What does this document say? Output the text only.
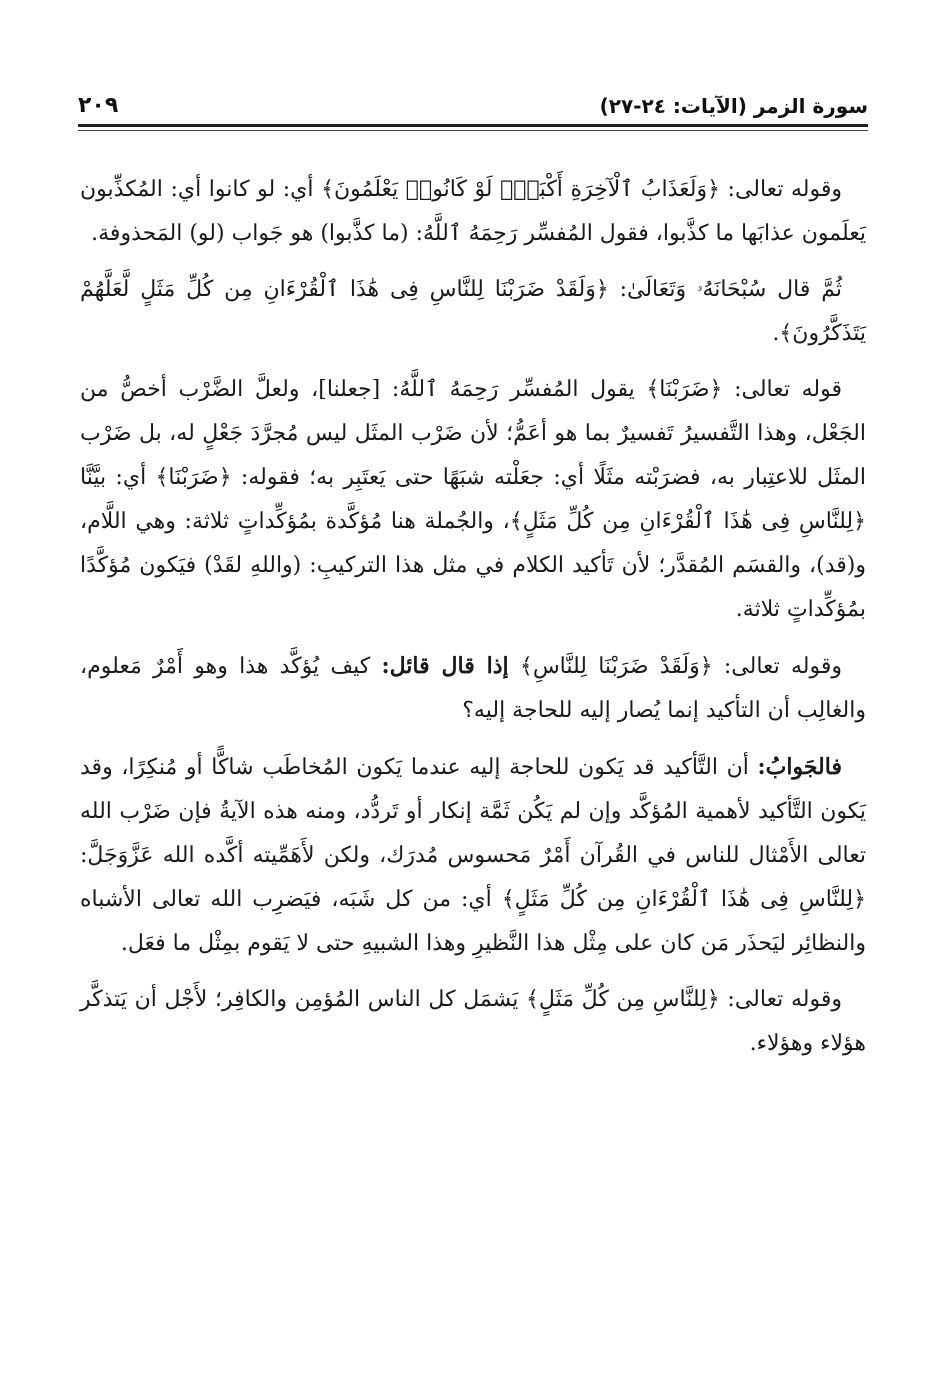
سورة الزمر (الآيات: ٢٤-٢٧)
٢٠٩

وقوله تعالى: ﴿وَلَعَذَابُ ٱلْآخِرَةِ أَكْبَرُۚ لَوْ كَانُوا۟ يَعْلَمُونَ﴾ أي: لو كانوا أي: المُكذِّبون يَعلَمون عذابَها ما كذَّبوا، فقول المُفسِّر رَحِمَهُ ٱللَّهُ: (ما كذَّبوا) هو جَواب (لو) المَحذوفة.

ثُمَّ قال سُبْحَانَهُۥ وَتَعَالَىٰ: ﴿وَلَقَدْ ضَرَبْنَا لِلنَّاسِ فِى هَٰذَا ٱلْقُرْءَانِ مِن كُلِّ مَثَلٍ لَّعَلَّهُمْ يَتَذَكَّرُونَ﴾.

قوله تعالى: ﴿ضَرَبْنَا﴾ يقول المُفسِّر رَحِمَهُ ٱللَّهُ: [جعلنا]، ولعلَّ الضَّرْب أخصُّ من الجَعْل، وهذا التَّفسيرُ تَفسيرٌ بما هو أعَمُّ؛ لأن ضَرْب المثَل ليس مُجرَّدَ جَعْلٍ له، بل ضَرْب المثَل للاعتِبار به، فضرَبْته مثَلًا أي: جعَلْته شبَهًا حتى يَعتَبِر به؛ فقوله: ﴿ضَرَبْنَا﴾ أي: بيَّنَّا ﴿لِلنَّاسِ فِى هَٰذَا ٱلْقُرْءَانِ مِن كُلِّ مَثَلٍ﴾، والجُملة هنا مُؤكَّدة بمُؤكِّداتٍ ثلاثة: وهي اللَّام، و(قد)، والقسَم المُقدَّر؛ لأن تَأكيد الكلام في مثل هذا التركيبِ: (واللهِ لقَدْ) فيَكون مُؤكَّدًا بمُؤكِّداتٍ ثلاثة.

وقوله تعالى: ﴿وَلَقَدْ ضَرَبْنَا لِلنَّاسِ﴾ إذا قال قائل: كيف يُؤكَّد هذا وهو أَمْرٌ مَعلوم، والغالِب أن التأكيد إنما يُصار إليه للحاجة إليه؟

فالجَوابُ: أن التَّأكيد قد يَكون للحاجة إليه عندما يَكون المُخاطَب شاكًّا أو مُنكِرًا، وقد يَكون التَّأكيد لأهمية المُؤكَّد وإن لم يَكُن ثَمَّة إنكار أو تَردُّد، ومنه هذه الآيةُ فإن ضَرْب الله تعالى الأَمْثال للناس في القُرآن أَمْرٌ مَحسوس مُدرَك، ولكن لأَهَمِّيته أكَّده الله عَزَّوَجَلَّ: ﴿لِلنَّاسِ فِى هَٰذَا ٱلْقُرْءَانِ مِن كُلِّ مَثَلٍ﴾ أي: من كل شَبَه، فيَضرِب الله تعالى الأشباه والنظائِر ليَحذَر مَن كان على مِثْل هذا النَّظيرِ وهذا الشبيهِ حتى لا يَقوم بمِثْل ما فعَل.

وقوله تعالى: ﴿لِلنَّاسِ مِن كُلِّ مَثَلٍ﴾ يَشمَل كل الناس المُؤمِن والكافِر؛ لأَجْل أن يَتذكَّر هؤلاء وهؤلاء.
